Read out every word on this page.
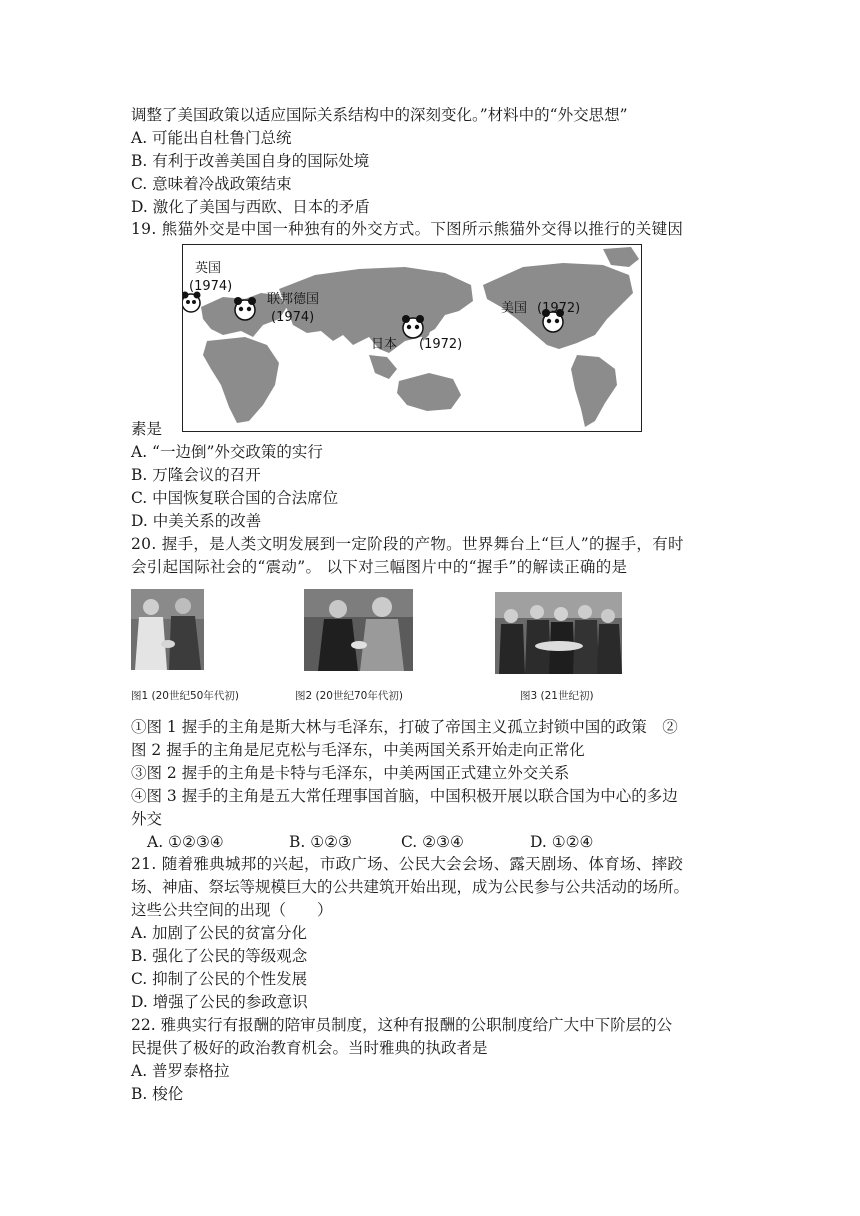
调整了美国政策以适应国际关系结构中的深刻变化。”材料中的“外交思想”
A. 可能出自杜鲁门总统
B. 有利于改善美国自身的国际处境
C. 意味着冷战政策结束
D. 激化了美国与西欧、日本的矛盾
19. 熊猫外交是中国一种独有的外交方式。下图所示熊猫外交得以推行的关键因
英国
(1974)
联邦德国
(1974)
日本 (1972)
美国 (1972)
素是
A. “一边倒”外交政策的实行
B. 万隆会议的召开
C. 中国恢复联合国的合法席位
D. 中美关系的改善
20. 握手，是人类文明发展到一定阶段的产物。世界舞台上“巨人”的握手，有时
会引起国际社会的“震动”。 以下对三幅图片中的“握手”的解读正确的是
图1 (20世纪50年代初)	图2 (20世纪70年代初)	图3 (21世纪初)
①图 1 握手的主角是斯大林与毛泽东，打破了帝国主义孤立封锁中国的政策　②
图 2 握手的主角是尼克松与毛泽东，中美两国关系开始走向正常化
③图 2 握手的主角是卡特与毛泽东，中美两国正式建立外交关系
④图 3 握手的主角是五大常任理事国首脑，中国积极开展以联合国为中心的多边
外交
A. ①②③④	B. ①②③	C. ②③④	D. ①②④
21. 随着雅典城邦的兴起，市政广场、公民大会会场、露天剧场、体育场、摔跤
场、神庙、祭坛等规模巨大的公共建筑开始出现，成为公民参与公共活动的场所。
这些公共空间的出现（　　）
A. 加剧了公民的贫富分化
B. 强化了公民的等级观念
C. 抑制了公民的个性发展
D. 增强了公民的参政意识
22. 雅典实行有报酬的陪审员制度，这种有报酬的公职制度给广大中下阶层的公
民提供了极好的政治教育机会。当时雅典的执政者是
A. 普罗泰格拉
B. 梭伦
